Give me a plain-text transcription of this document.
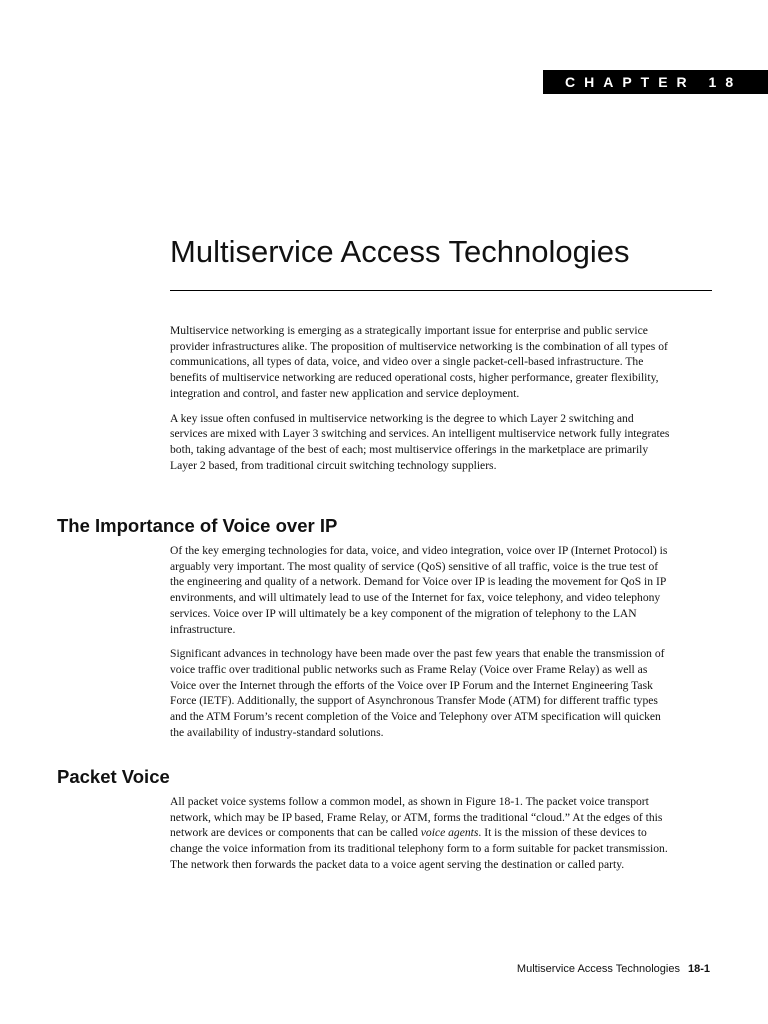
CHAPTER 18
Multiservice Access Technologies

Multiservice networking is emerging as a strategically important issue for enterprise and public service provider infrastructures alike. The proposition of multiservice networking is the combination of all types of communications, all types of data, voice, and video over a single packet-cell-based infrastructure. The benefits of multiservice networking are reduced operational costs, higher performance, greater flexibility, integration and control, and faster new application and service deployment.

A key issue often confused in multiservice networking is the degree to which Layer 2 switching and services are mixed with Layer 3 switching and services. An intelligent multiservice network fully integrates both, taking advantage of the best of each; most multiservice offerings in the marketplace are primarily Layer 2 based, from traditional circuit switching technology suppliers.

The Importance of Voice over IP

Of the key emerging technologies for data, voice, and video integration, voice over IP (Internet Protocol) is arguably very important. The most quality of service (QoS) sensitive of all traffic, voice is the true test of the engineering and quality of a network. Demand for Voice over IP is leading the movement for QoS in IP environments, and will ultimately lead to use of the Internet for fax, voice telephony, and video telephony services. Voice over IP will ultimately be a key component of the migration of telephony to the LAN infrastructure.

Significant advances in technology have been made over the past few years that enable the transmission of voice traffic over traditional public networks such as Frame Relay (Voice over Frame Relay) as well as Voice over the Internet through the efforts of the Voice over IP Forum and the Internet Engineering Task Force (IETF). Additionally, the support of Asynchronous Transfer Mode (ATM) for different traffic types and the ATM Forum’s recent completion of the Voice and Telephony over ATM specification will quicken the availability of industry-standard solutions.

Packet Voice

All packet voice systems follow a common model, as shown in Figure 18-1. The packet voice transport network, which may be IP based, Frame Relay, or ATM, forms the traditional “cloud.” At the edges of this network are devices or components that can be called voice agents. It is the mission of these devices to change the voice information from its traditional telephony form to a form suitable for packet transmission. The network then forwards the packet data to a voice agent serving the destination or called party.

Multiservice Access Technologies 18-1
